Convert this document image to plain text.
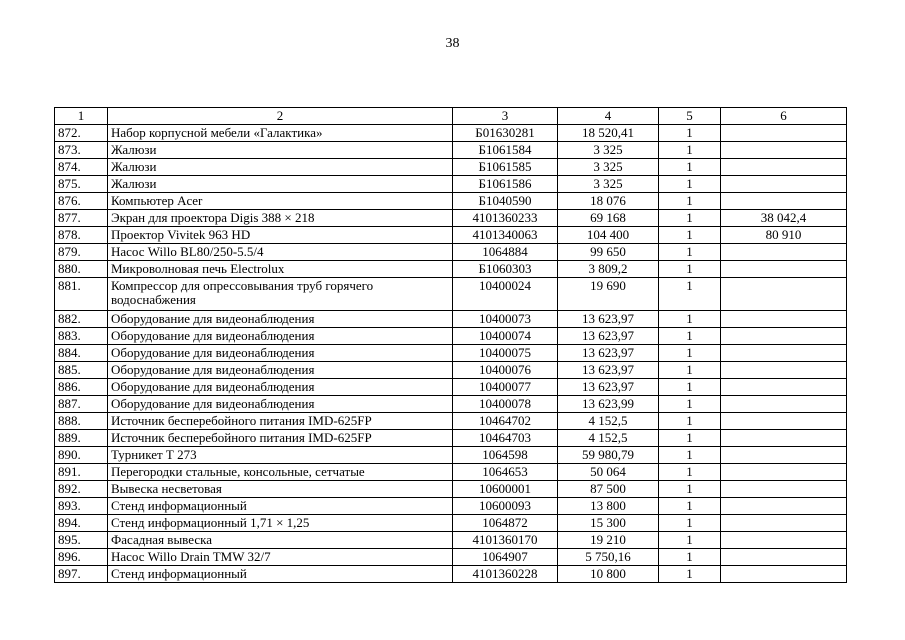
38
1	2	3	4	5	6
872.	Набор корпусной мебели «Галактика»	Б01630281	18 520,41	1	
873.	Жалюзи	Б1061584	3 325	1	
874.	Жалюзи	Б1061585	3 325	1	
875.	Жалюзи	Б1061586	3 325	1	
876.	Компьютер Acer	Б1040590	18 076	1	
877.	Экран для проектора Digis 388 × 218	4101360233	69 168	1	38 042,4
878.	Проектор Vivitek 963 HD	4101340063	104 400	1	80 910
879.	Насос Willo BL80/250-5.5/4	1064884	99 650	1	
880.	Микроволновая печь Electrolux	Б1060303	3 809,2	1	
881.	Компрессор для опрессовывания труб горячего водоснабжения	10400024	19 690	1	
882.	Оборудование для видеонаблюдения	10400073	13 623,97	1	
883.	Оборудование для видеонаблюдения	10400074	13 623,97	1	
884.	Оборудование для видеонаблюдения	10400075	13 623,97	1	
885.	Оборудование для видеонаблюдения	10400076	13 623,97	1	
886.	Оборудование для видеонаблюдения	10400077	13 623,97	1	
887.	Оборудование для видеонаблюдения	10400078	13 623,99	1	
888.	Источник бесперебойного питания IMD-625FP	10464702	4 152,5	1	
889.	Источник бесперебойного питания IMD-625FP	10464703	4 152,5	1	
890.	Турникет Т 273	1064598	59 980,79	1	
891.	Перегородки стальные, консольные, сетчатые	1064653	50 064	1	
892.	Вывеска несветовая	10600001	87 500	1	
893.	Стенд информационный	10600093	13 800	1	
894.	Стенд информационный 1,71 × 1,25	1064872	15 300	1	
895.	Фасадная вывеска	4101360170	19 210	1	
896.	Насос Willo Drain TMW 32/7	1064907	5 750,16	1	
897.	Стенд информационный	4101360228	10 800	1	
